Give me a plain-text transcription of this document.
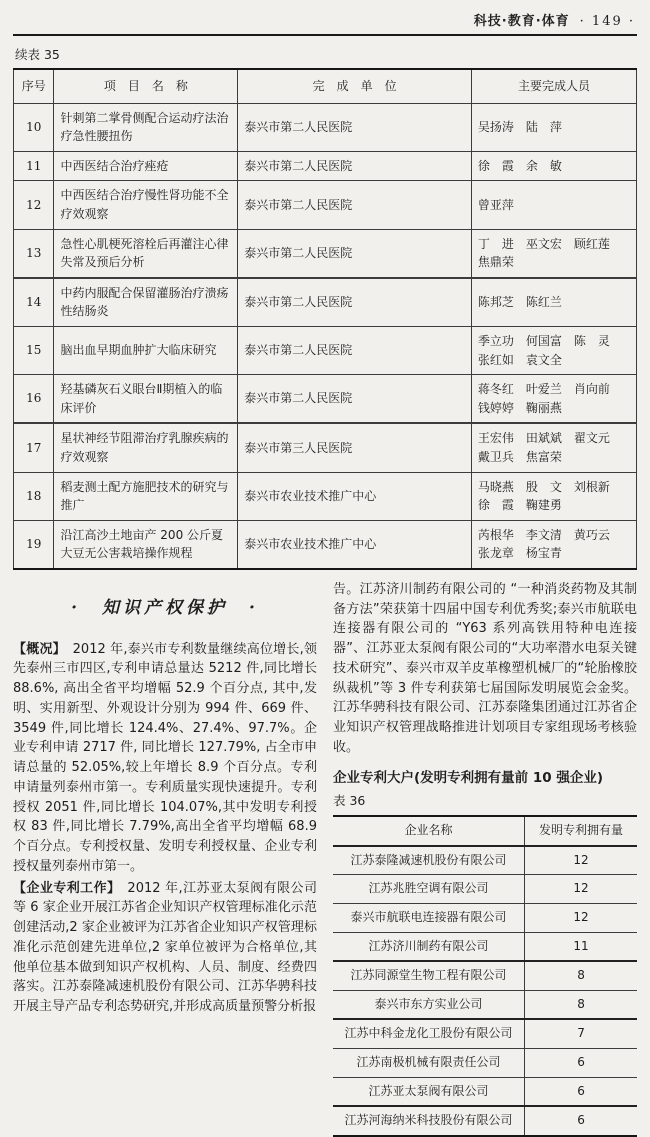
科技·教育·体育 · 149 ·
续表 35
序号	项　目　名　称	完　成　单　位	主要完成人员
10	针刺第二掌骨侧配合运动疗法治疗急性腰扭伤	泰兴市第二人民医院	吴扬涛　陆　萍
11	中西医结合治疗痤疮	泰兴市第二人民医院	徐　霞　余　敏
12	中西医结合治疗慢性肾功能不全疗效观察	泰兴市第二人民医院	曾亚萍
13	急性心肌梗死溶栓后再灌注心律失常及预后分析	泰兴市第二人民医院	丁　进　巫文宏　顾红莲　焦鼎荣
14	中药内服配合保留灌肠治疗溃疡性结肠炎	泰兴市第二人民医院	陈邦芝　陈红兰
15	脑出血早期血肿扩大临床研究	泰兴市第二人民医院	季立功　何国富　陈　灵　张红如　袁文全
16	羟基磷灰石义眼台Ⅱ期植入的临床评价	泰兴市第二人民医院	蒋冬红　叶爱兰　肖向前　钱婷婷　鞠丽燕
17	星状神经节阻滞治疗乳腺疾病的疗效观察	泰兴市第三人民医院	王宏伟　田斌斌　翟文元　戴卫兵　焦富荣
18	稻麦测土配方施肥技术的研究与推广	泰兴市农业技术推广中心	马晓燕　殷　文　刘根新　徐　霞　鞠建勇
19	沿江高沙土地亩产 200 公斤夏大豆无公害栽培操作规程	泰兴市农业技术推广中心	芮根华　李文清　黄巧云　张龙章　杨宝青
·　知识产权保护　·

【概况】　 2012 年,泰兴市专利数量继续高位增长,领先泰州三市四区,专利申请总量达 5212 件,同比增长 88.6%, 高出全省平均增幅 52.9 个百分点, 其中,发明、实用新型、外观设计分别为 994 件、669 件、3549 件,同比增长 124.4%、27.4%、97.7%。企业专利申请 2717 件, 同比增长 127.79%, 占全市申请总量的 52.05%,较上年增长 8.9 个百分点。专利申请量列泰州市第一。专利质量实现快速提升。专利授权 2051 件,同比增长 104.07%,其中发明专利授权 83 件,同比增长 7.79%,高出全省平均增幅 68.9 个百分点。专利授权量、发明专利授权量、企业专利授权量列泰州市第一。

【企业专利工作】　 2012 年,江苏亚太泵阀有限公司等 6 家企业开展江苏省企业知识产权管理标准化示范创建活动,2 家企业被评为江苏省企业知识产权管理标准化示范创建先进单位,2 家单位被评为合格单位,其他单位基本做到知识产权机构、人员、制度、经费四落实。江苏泰隆减速机股份有限公司、江苏华骋科技开展主导产品专利态势研究,并形成高质量预警分析报

告。江苏济川制药有限公司的 “一种消炎药物及其制备方法”荣获第十四届中国专利优秀奖;泰兴市航联电连接器有限公司的 “Y63 系列高铁用特种电连接器”、江苏亚太泵阀有限公司的“大功率潜水电泵关键技术研究”、泰兴市双羊皮革橡塑机械厂的“轮胎橡胶纵裁机”等 3 件专利获第七届国际发明展览会金奖。江苏华骋科技有限公司、江苏泰隆集团通过江苏省企业知识产权管理战略推进计划项目专家组现场考核验收。

企业专利大户(发明专利拥有量前 10 强企业)
表 36
企业名称	发明专利拥有量
江苏泰隆减速机股份有限公司	12
江苏兆胜空调有限公司	12
泰兴市航联电连接器有限公司	12
江苏济川制药有限公司	11
江苏同源堂生物工程有限公司	8
泰兴市东方实业公司	8
江苏中科金龙化工股份有限公司	7
江苏南极机械有限责任公司	6
江苏亚太泵阀有限公司	6
江苏河海纳米科技股份有限公司	6
